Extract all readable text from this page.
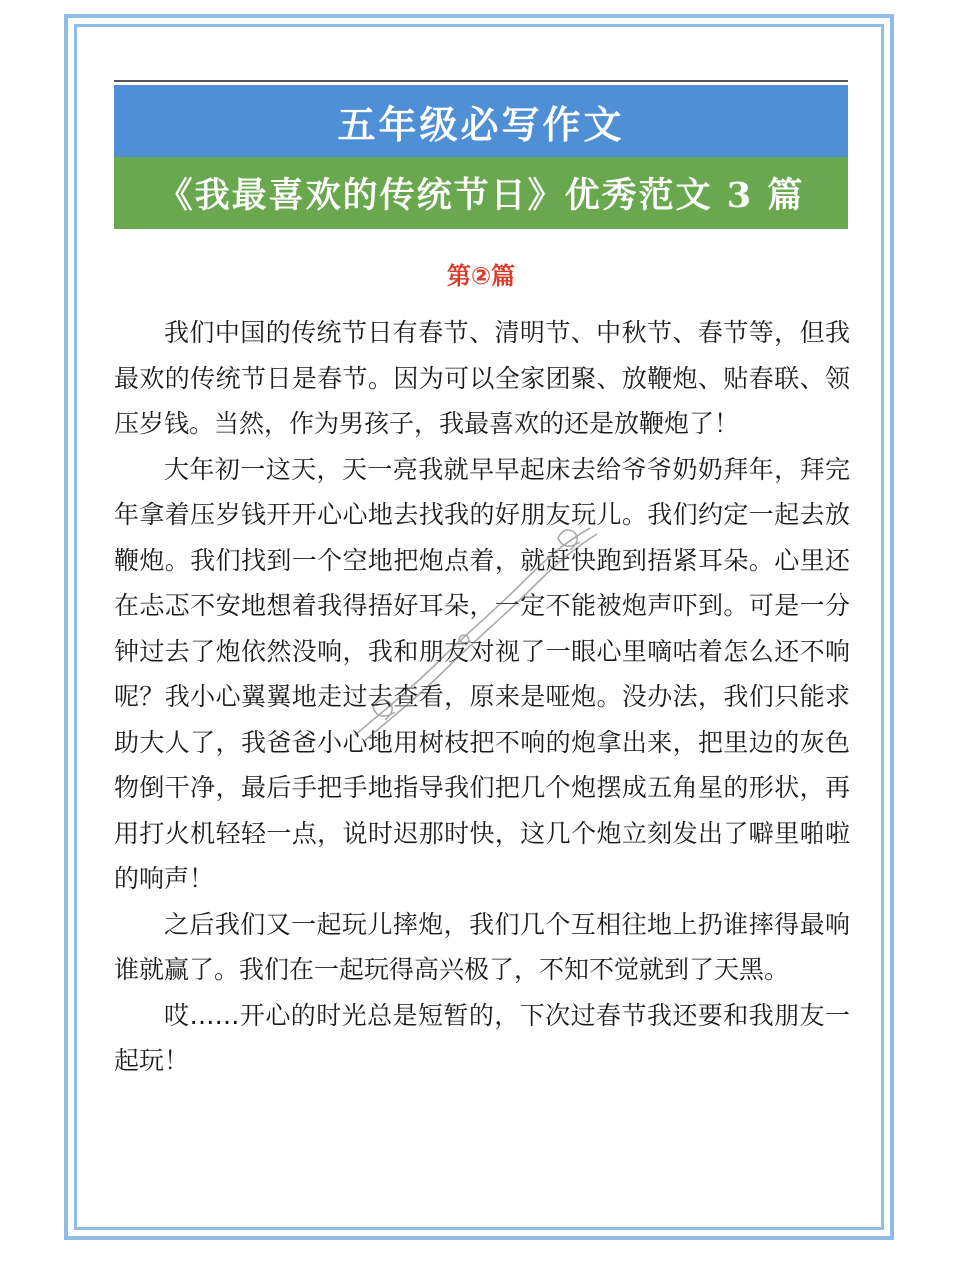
五年级必写作文
《我最喜欢的传统节日》优秀范文 3 篇
第②篇

我们中国的传统节日有春节、清明节、中秋节、春节等，但我最欢的传统节日是春节。因为可以全家团聚、放鞭炮、贴春联、领压岁钱。当然，作为男孩子，我最喜欢的还是放鞭炮了！

大年初一这天，天一亮我就早早起床去给爷爷奶奶拜年，拜完年拿着压岁钱开开心心地去找我的好朋友玩儿。我们约定一起去放鞭炮。我们找到一个空地把炮点着，就赶快跑到捂紧耳朵。心里还在忐忑不安地想着我得捂好耳朵，一定不能被炮声吓到。可是一分钟过去了炮依然没响，我和朋友对视了一眼心里嘀咕着怎么还不响呢？我小心翼翼地走过去查看，原来是哑炮。没办法，我们只能求助大人了，我爸爸小心地用树枝把不响的炮拿出来，把里边的灰色物倒干净，最后手把手地指导我们把几个炮摆成五角星的形状，再用打火机轻轻一点，说时迟那时快，这几个炮立刻发出了噼里啪啦的响声！

之后我们又一起玩儿摔炮，我们几个互相往地上扔谁摔得最响谁就赢了。我们在一起玩得高兴极了，不知不觉就到了天黑。

哎……开心的时光总是短暂的，下次过春节我还要和我朋友一起玩！
